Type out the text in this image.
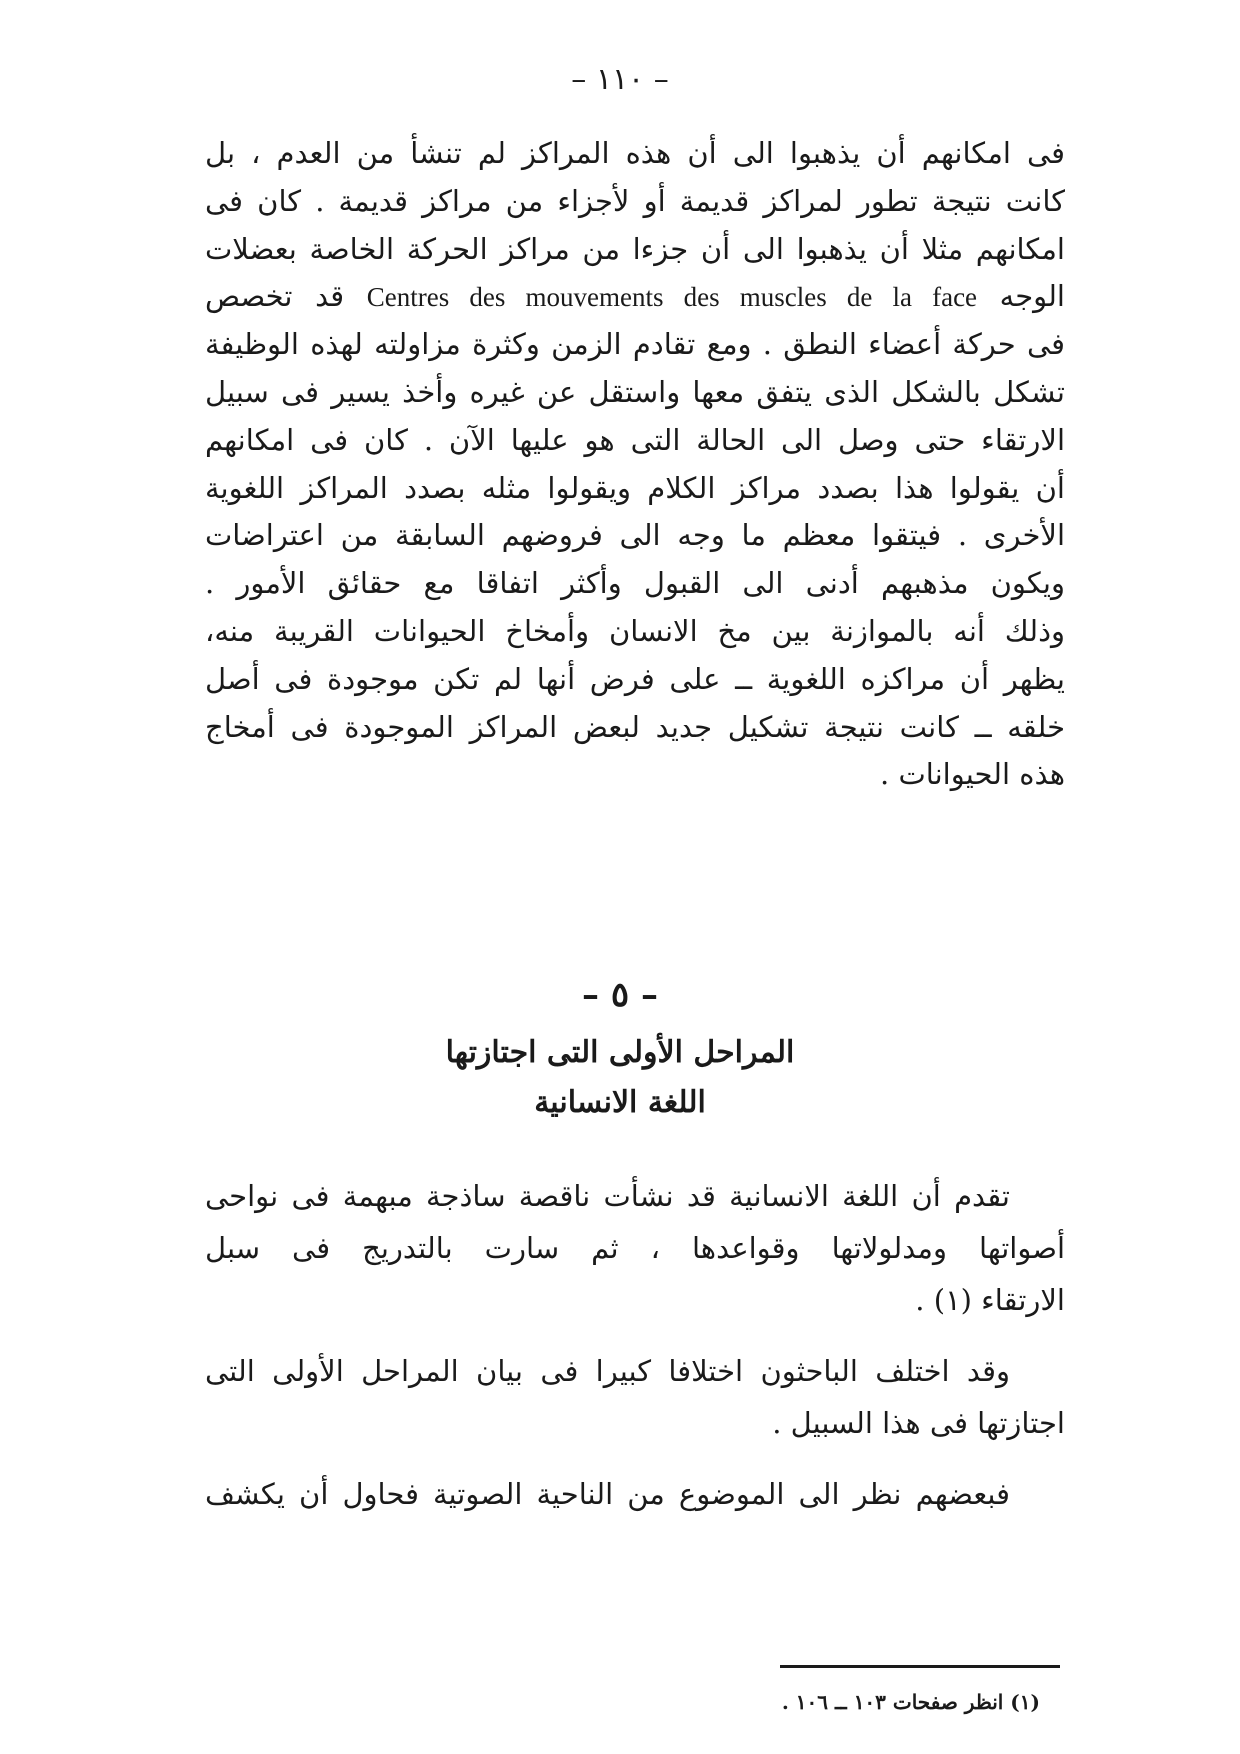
– ١١٠ –
فى امكانهم أن يذهبوا الى أن هذه المراكز لم تنشأ من العدم ، بل
كانت نتيجة تطور لمراكز قديمة أو لأجزاء من مراكز قديمة . كان فى
امكانهم مثلا أن يذهبوا الى أن جزءا من مراكز الحركة الخاصة بعضلات
الوجه Centres des mouvements des muscles de la face قد تخصص
فى حركة أعضاء النطق . ومع تقادم الزمن وكثرة مزاولته لهذه الوظيفة
تشكل بالشكل الذى يتفق معها واستقل عن غيره وأخذ يسير فى سبيل
الارتقاء حتى وصل الى الحالة التى هو عليها الآن . كان فى امكانهم
أن يقولوا هذا بصدد مراكز الكلام ويقولوا مثله بصدد المراكز اللغوية
الأخرى . فيتقوا معظم ما وجه الى فروضهم السابقة من اعتراضات
ويكون مذهبهم أدنى الى القبول وأكثر اتفاقا مع حقائق الأمور .
وذلك أنه بالموازنة بين مخ الانسان وأمخاخ الحيوانات القريبة منه،
يظهر أن مراكزه اللغوية ــ على فرض أنها لم تكن موجودة فى أصل
خلقه ــ كانت نتيجة تشكيل جديد لبعض المراكز الموجودة فى أمخاج
هذه الحيوانات .
– ٥ –
المراحل الأولى التى اجتازتها
اللغة الانسانية
تقدم أن اللغة الانسانية قد نشأت ناقصة ساذجة مبهمة فى نواحى
أصواتها ومدلولاتها وقواعدها ، ثم سارت بالتدريج فى سبل
الارتقاء (١) .
وقد اختلف الباحثون اختلافا كبيرا فى بيان المراحل الأولى التى
اجتازتها فى هذا السبيل .
فبعضهم نظر الى الموضوع من الناحية الصوتية فحاول أن يكشف
(١) انظر صفحات ١٠٣ ــ ١٠٦ .
